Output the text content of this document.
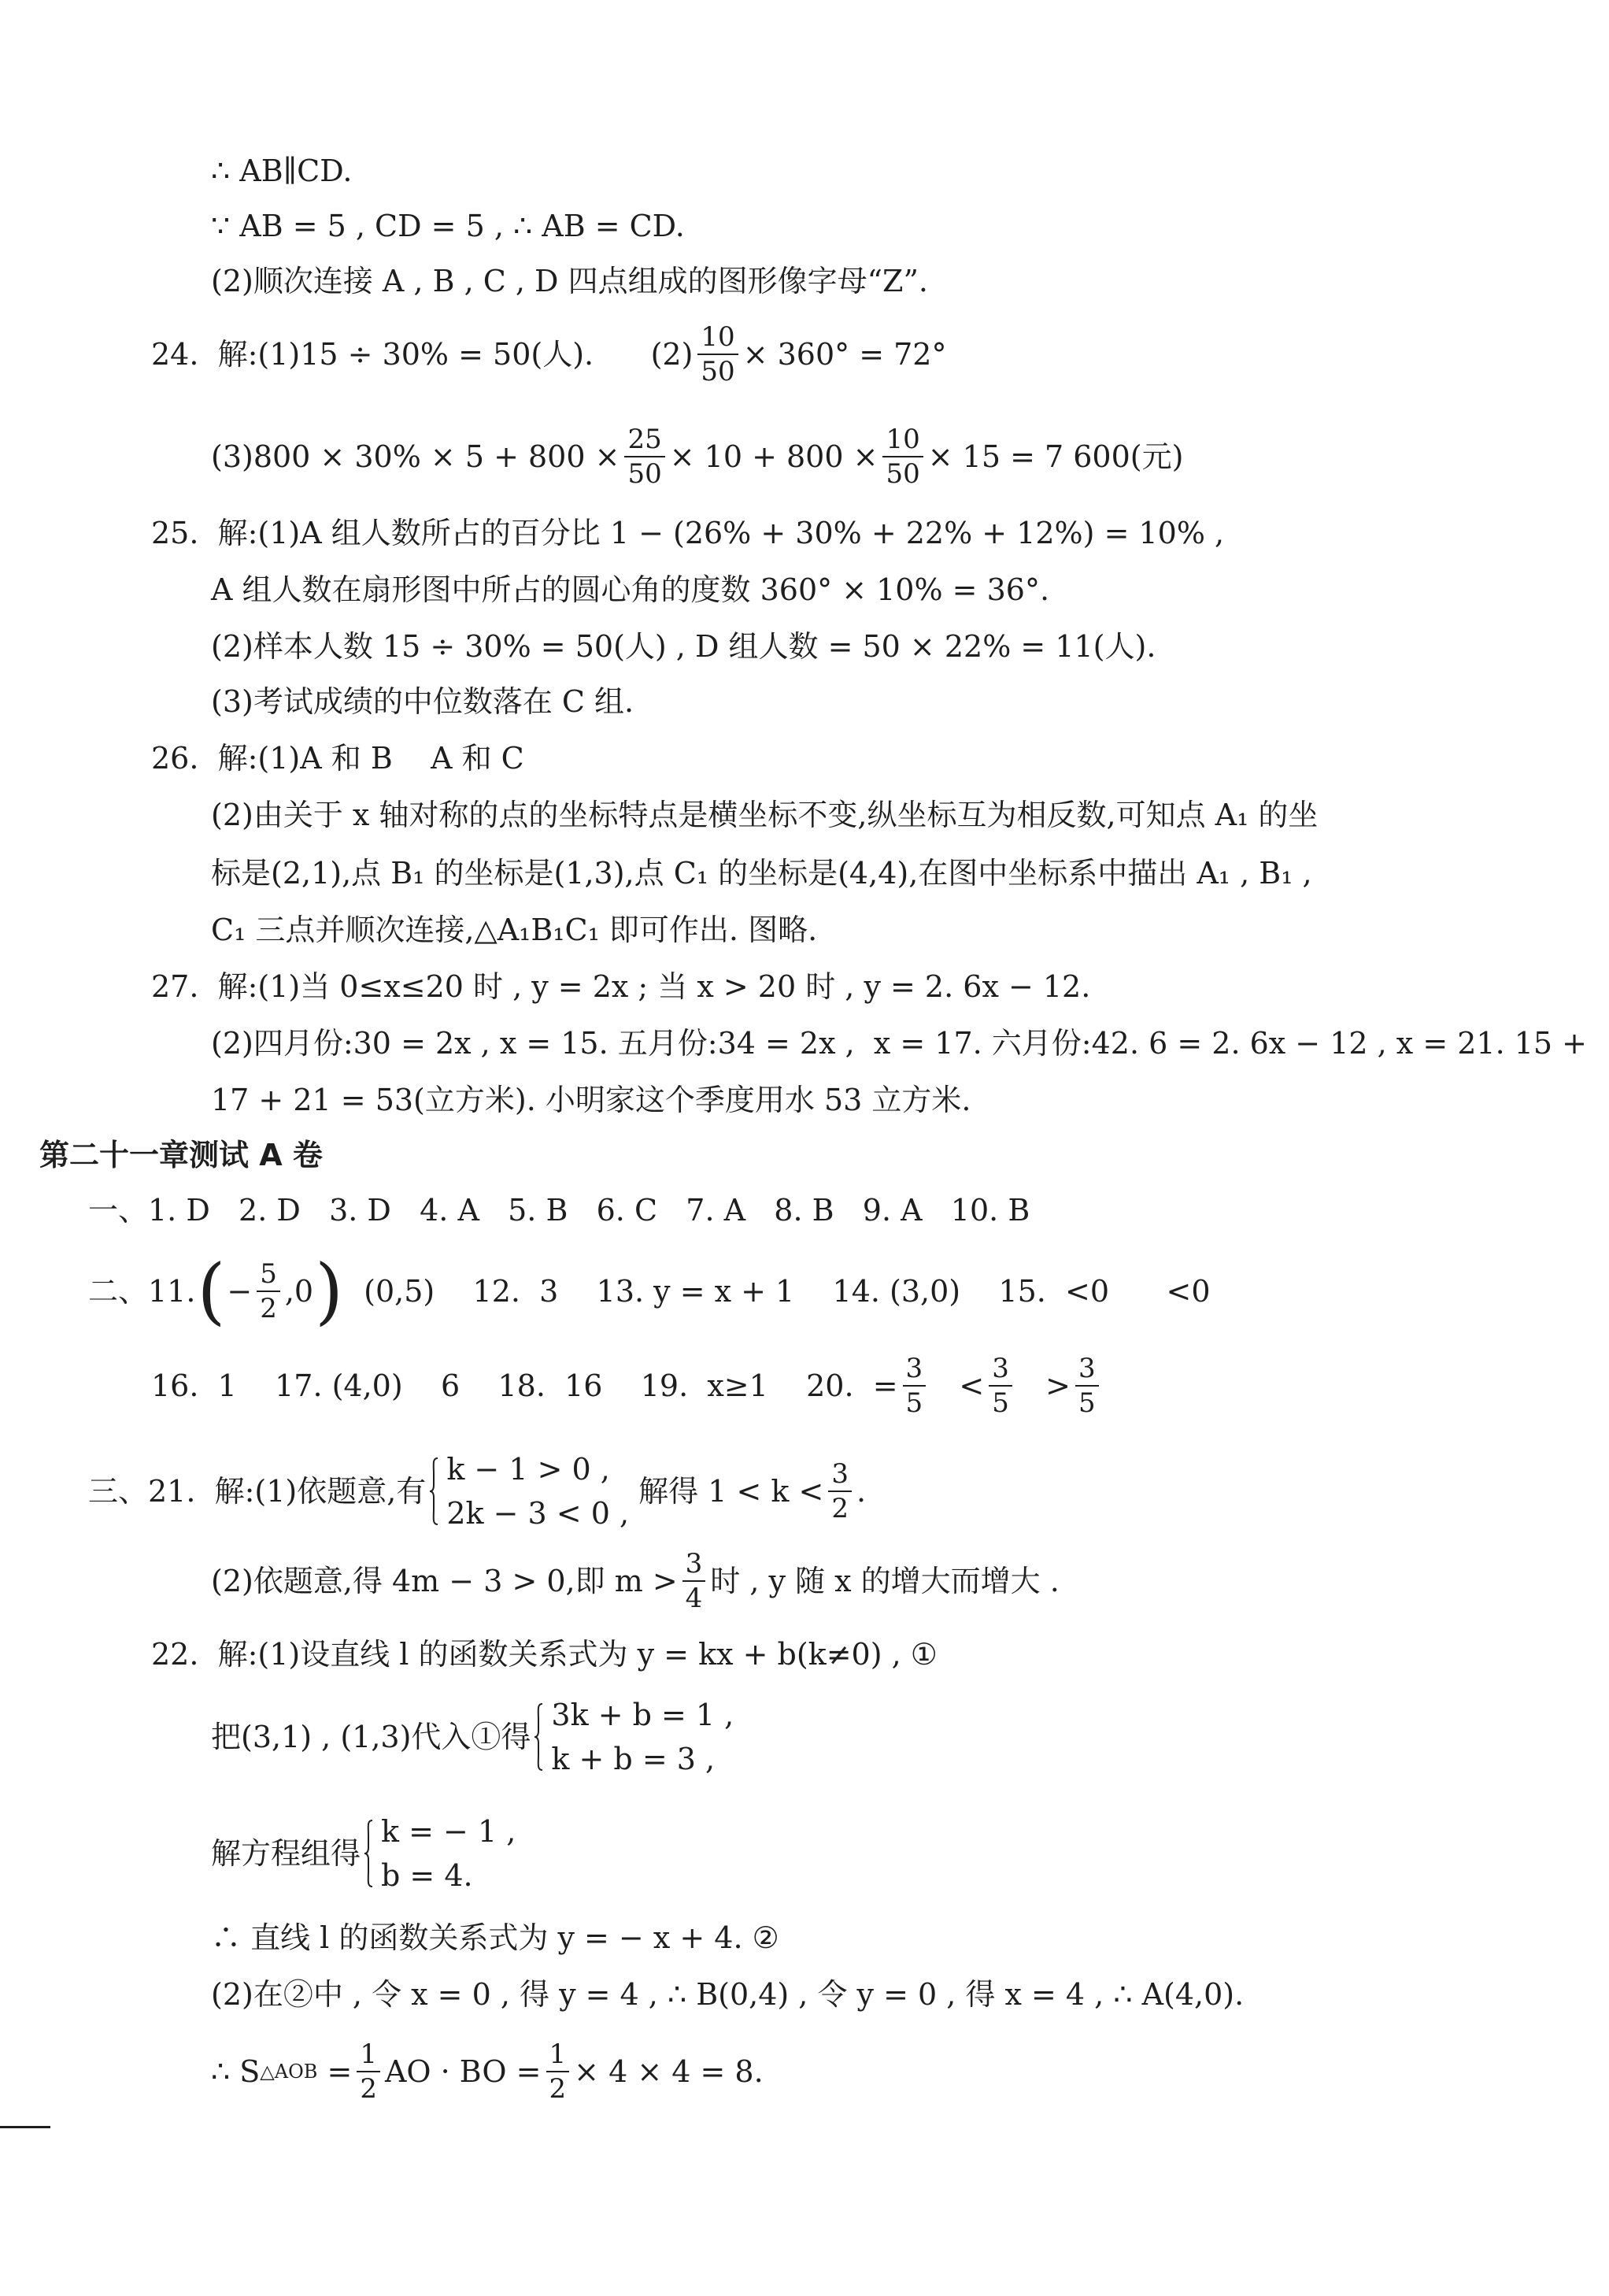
∴ AB∥CD.
∵ AB = 5 , CD = 5 , ∴ AB = CD.
(2)顺次连接 A , B , C , D 四点组成的图形像字母“Z”.
24.  解:(1)15 ÷ 30% = 50(人).      $(2) \frac{10}{50} \times 360^\circ = 72^\circ$
$(3)800 \times 30\% \times 5 + 800 \times \frac{25}{50} \times 10 + 800 \times \frac{10}{50} \times 15 = 7$ 600(元)
25.  解:(1)A 组人数所占的百分比 1 − (26% + 30% + 22% + 12%) = 10% ,
A 组人数在扇形图中所占的圆心角的度数 360° × 10% = 36°.
(2)样本人数 15 ÷ 30% = 50(人) , D 组人数 = 50 × 22% = 11(人).
(3)考试成绩的中位数落在 C 组.
26.  解:(1)A 和 B    A 和 C
(2)由关于 x 轴对称的点的坐标特点是横坐标不变,纵坐标互为相反数,可知点 A₁ 的坐
标是(2,1),点 B₁ 的坐标是(1,3),点 C₁ 的坐标是(4,4),在图中坐标系中描出 A₁ , B₁ ,
C₁ 三点并顺次连接,△A₁B₁C₁ 即可作出. 图略.
27.  解:(1)当 0≤x≤20 时 , y = 2x ; 当 x > 20 时 , y = 2. 6x − 12.
(2)四月份:30 = 2x , x = 15. 五月份:34 = 2x ,  x = 17. 六月份:42. 6 = 2. 6x − 12 , x = 21. 15 +
17 + 21 = 53(立方米). 小明家这个季度用水 53 立方米.
第二十一章测试 A 卷
一、1. D   2. D   3. D   4. A   5. B   6. C   7. A   8. B   9. A   10. B
二、11. ( − $\frac{5}{2} ,0$ ) (0,5)    12.  3    13. y = x + 1    14. (3,0)    15.  <0      <0
16.  1    17. (4,0)    6    18.  16    19.  x≥1    20.  = $\frac{3}{5} < \frac{3}{5} > \frac{3}{5}$
三、21.  解:(1)依题意,有
k − 1 > 0 ,
2k − 3 < 0 ,
解得 $1 < k < \frac{3}{2}$ .
(2)依题意,得 4m − 3 > 0,即 $m > \frac{3}{4}$ 时 , y 随 x 的增大而增大 .
22.  解:(1)设直线 l 的函数关系式为 y = kx + b(k≠0) , ①
把(3,1) , (1,3)代入①得
3k + b = 1 ,
k + b = 3 ,
解方程组得
k = − 1 ,
b = 4.
∴ 直线 l 的函数关系式为 y = − x + 4. ②
(2)在②中 , 令 x = 0 , 得 y = 4 , ∴ B(0,4) , 令 y = 0 , 得 x = 4 , ∴ A(4,0).
∴ S △AOB = $\frac{1}{2}$ AO · BO = $\frac{1}{2} \times 4 \times 4 = 8$.
